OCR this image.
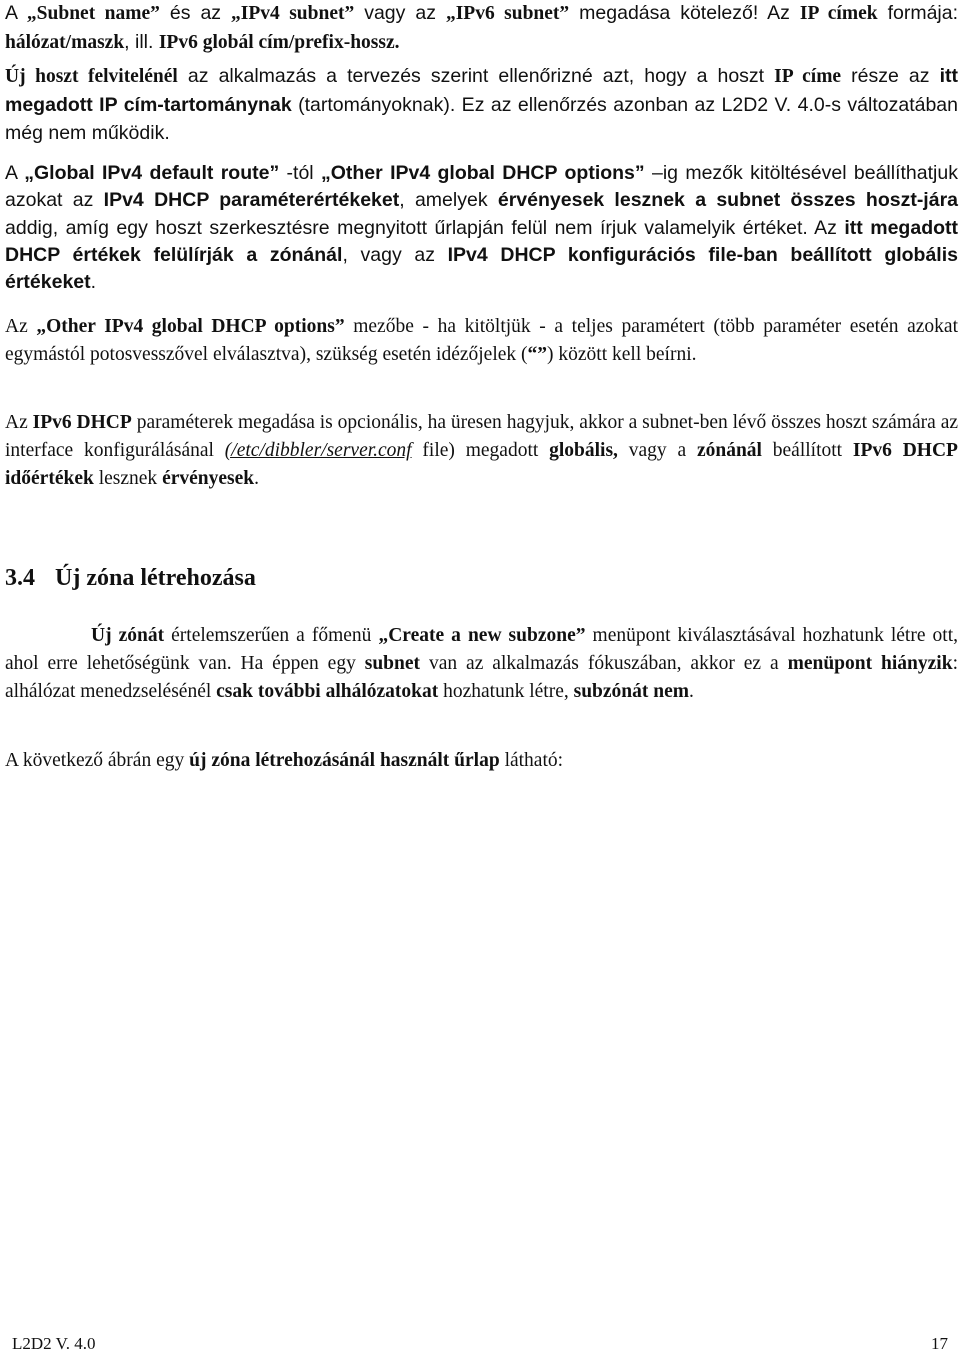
A „Subnet name” és az „IPv4 subnet” vagy az „IPv6 subnet” megadása kötelező! Az IP címek formája: hálózat/maszk, ill. IPv6 globál cím/prefix-hossz.

Új hoszt felvitelénél az alkalmazás a tervezés szerint ellenőrizné azt, hogy a hoszt IP címe része az itt megadott IP cím-tartománynak (tartományoknak). Ez az ellenőrzés azonban az L2D2 V. 4.0-s változatában még nem működik.

A „Global IPv4 default route” -tól „Other IPv4 global DHCP options” –ig mezők kitöltésével beállíthatjuk azokat az IPv4 DHCP paraméterértékeket, amelyek érvényesek lesznek a subnet összes hoszt-jára addig, amíg egy hoszt szerkesztésre megnyitott űrlapján felül nem írjuk valamelyik értéket. Az itt megadott DHCP értékek felülírják a zónánál, vagy az IPv4 DHCP konfigurációs file-ban beállított globális értékeket.

Az „Other IPv4 global DHCP options” mezőbe - ha kitöltjük - a teljes paramétert (több paraméter esetén azokat egymástól potosvesszővel elválasztva), szükség esetén idézőjelek (“”) között kell beírni.

Az IPv6 DHCP paraméterek megadása is opcionális, ha üresen hagyjuk, akkor a subnet-ben lévő összes hoszt számára az interface konfigurálásánal (/etc/dibbler/server.conf file) megadott globális, vagy a zónánál beállított IPv6 DHCP időértékek lesznek érvényesek.

3.4 Új zóna létrehozása

Új zónát értelemszerűen a főmenü „Create a new subzone” menüpont kiválasztásával hozhatunk létre ott, ahol erre lehetőségünk van. Ha éppen egy subnet van az alkalmazás fókuszában, akkor ez a menüpont hiányzik: alhálózat menedzselésénél csak további alhálózatokat hozhatunk létre, subzónát nem.

A következő ábrán egy új zóna létrehozásánál használt űrlap látható:

L2D2 V. 4.0	17
